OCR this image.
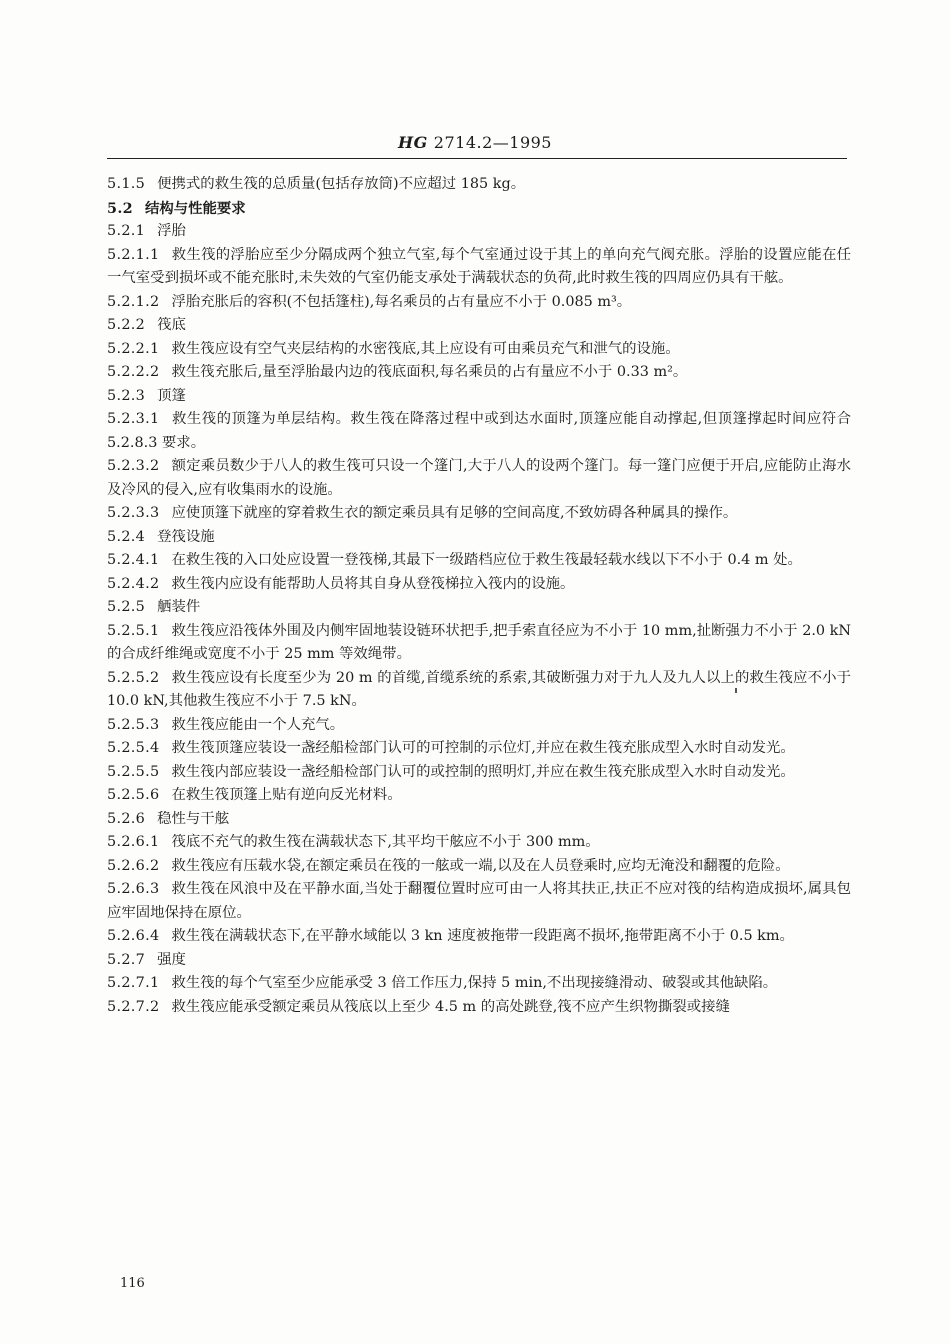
HG 2714.2—1995

5.1.5 便携式的救生筏的总质量(包括存放筒)不应超过 185 kg。

5.2 结构与性能要求

5.2.1 浮胎

5.2.1.1 救生筏的浮胎应至少分隔成两个独立气室,每个气室通过设于其上的单向充气阀充胀。浮胎的设置应能在任一气室受到损坏或不能充胀时,未失效的气室仍能支承处于满载状态的负荷,此时救生筏的四周应仍具有干舷。

5.2.1.2 浮胎充胀后的容积(不包括篷柱),每名乘员的占有量应不小于 0.085 m³。

5.2.2 筏底

5.2.2.1 救生筏应设有空气夹层结构的水密筏底,其上应设有可由乘员充气和泄气的设施。

5.2.2.2 救生筏充胀后,量至浮胎最内边的筏底面积,每名乘员的占有量应不小于 0.33 m²。

5.2.3 顶篷

5.2.3.1 救生筏的顶篷为单层结构。救生筏在降落过程中或到达水面时,顶篷应能自动撑起,但顶篷撑起时间应符合 5.2.8.3 要求。

5.2.3.2 额定乘员数少于八人的救生筏可只设一个篷门,大于八人的设两个篷门。每一篷门应便于开启,应能防止海水及冷风的侵入,应有收集雨水的设施。

5.2.3.3 应使顶篷下就座的穿着救生衣的额定乘员具有足够的空间高度,不致妨碍各种属具的操作。

5.2.4 登筏设施

5.2.4.1 在救生筏的入口处应设置一登筏梯,其最下一级踏档应位于救生筏最轻载水线以下不小于 0.4 m 处。

5.2.4.2 救生筏内应设有能帮助人员将其自身从登筏梯拉入筏内的设施。

5.2.5 舾装件

5.2.5.1 救生筏应沿筏体外围及内侧牢固地装设链环状把手,把手索直径应为不小于 10 mm,扯断强力不小于 2.0 kN 的合成纤维绳或宽度不小于 25 mm 等效绳带。

5.2.5.2 救生筏应设有长度至少为 20 m 的首缆,首缆系统的系索,其破断强力对于九人及九人以上的救生筏应不小于 10.0 kN,其他救生筏应不小于 7.5 kN。

5.2.5.3 救生筏应能由一个人充气。

5.2.5.4 救生筏顶篷应装设一盏经船检部门认可的可控制的示位灯,并应在救生筏充胀成型入水时自动发光。

5.2.5.5 救生筏内部应装设一盏经船检部门认可的或控制的照明灯,并应在救生筏充胀成型入水时自动发光。

5.2.5.6 在救生筏顶篷上贴有逆向反光材料。

5.2.6 稳性与干舷

5.2.6.1 筏底不充气的救生筏在满载状态下,其平均干舷应不小于 300 mm。

5.2.6.2 救生筏应有压载水袋,在额定乘员在筏的一舷或一端,以及在人员登乘时,应均无淹没和翻覆的危险。

5.2.6.3 救生筏在风浪中及在平静水面,当处于翻覆位置时应可由一人将其扶正,扶正不应对筏的结构造成损坏,属具包应牢固地保持在原位。

5.2.6.4 救生筏在满载状态下,在平静水域能以 3 kn 速度被拖带一段距离不损坏,拖带距离不小于 0.5 km。

5.2.7 强度

5.2.7.1 救生筏的每个气室至少应能承受 3 倍工作压力,保持 5 min,不出现接缝滑动、破裂或其他缺陷。

5.2.7.2 救生筏应能承受额定乘员从筏底以上至少 4.5 m 的高处跳登,筏不应产生织物撕裂或接缝

116
